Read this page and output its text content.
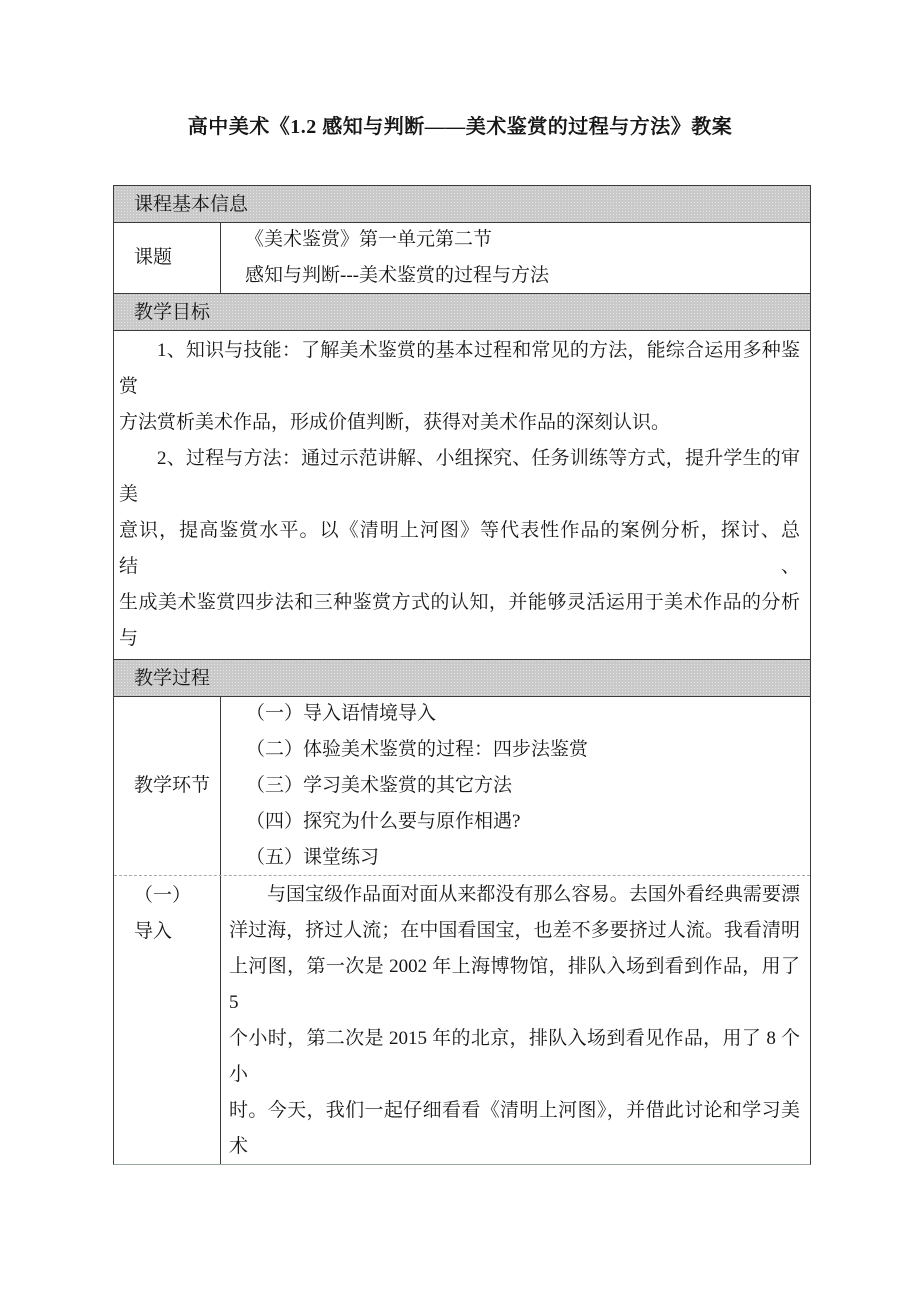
高中美术《1.2 感知与判断——美术鉴赏的过程与方法》教案
课程基本信息
课题
《美术鉴赏》第一单元第二节
感知与判断---美术鉴赏的过程与方法
教学目标
1、知识与技能：了解美术鉴赏的基本过程和常见的方法，能综合运用多种鉴赏
方法赏析美术作品，形成价值判断，获得对美术作品的深刻认识。
2、过程与方法：通过示范讲解、小组探究、任务训练等方式，提升学生的审美
意识，提高鉴赏水平。以《清明上河图》等代表性作品的案例分析，探讨、总结、
生成美术鉴赏四步法和三种鉴赏方式的认知，并能够灵活运用于美术作品的分析与
教学过程
教学环节
（一）导入语情境导入
（二）体验美术鉴赏的过程：四步法鉴赏
（三）学习美术鉴赏的其它方法
（四）探究为什么要与原作相遇?
（五）课堂练习
（一）
导入
与国宝级作品面对面从来都没有那么容易。去国外看经典需要漂
洋过海，挤过人流；在中国看国宝，也差不多要挤过人流。我看清明
上河图，第一次是 2002 年上海博物馆，排队入场到看到作品，用了 5
个小时，第二次是 2015 年的北京，排队入场到看见作品，用了 8 个小
时。今天，我们一起仔细看看《清明上河图》，并借此讨论和学习美术
